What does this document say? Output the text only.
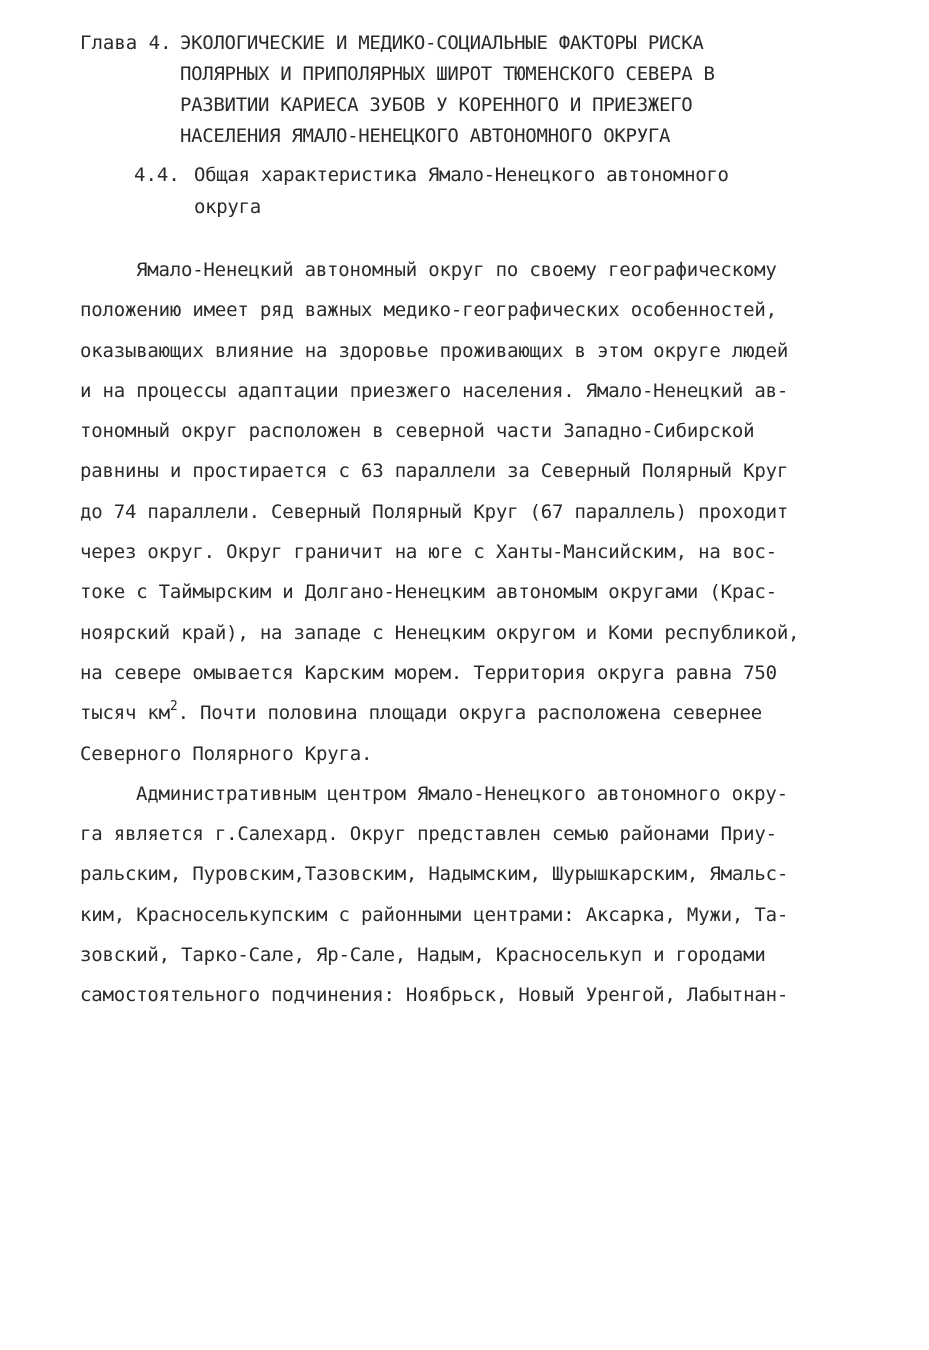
Глава 4. ЭКОЛОГИЧЕСКИЕ И МЕДИКО-СОЦИАЛЬНЫЕ ФАКТОРЫ РИСКА
ПОЛЯРНЫХ И ПРИПОЛЯРНЫХ ШИРОТ ТЮМЕНСКОГО СЕВЕРА В
РАЗВИТИИ КАРИЕСА ЗУБОВ У КОРЕННОГО И ПРИЕЗЖЕГО
НАСЕЛЕНИЯ ЯМАЛО-НЕНЕЦКОГО АВТОНОМНОГО ОКРУГА
4.4. Общая характеристика Ямало-Ненецкого автономного
округа
Ямало-Ненецкий автономный округ по своему географическому
положению имеет ряд важных медико-географических особенностей,
оказывающих влияние на здоровье проживающих в этом округе людей
и на процессы адаптации приезжего населения. Ямало-Ненецкий ав-
тономный округ расположен в северной части Западно-Сибирской
равнины и простирается с 63 параллели за Северный Полярный Круг
до 74 параллели. Северный Полярный Круг (67 параллель) проходит
через округ. Округ граничит на юге с Ханты-Мансийским, на вос-
токе с Таймырским и Долгано-Ненецким автономым округами (Крас-
ноярский край), на западе с Ненецким округом и Коми республикой,
на севере омывается Карским морем. Территория округа равна 750
тысяч $км^2$. Почти половина площади округа расположена севернее
Северного Полярного Круга.
Административным центром Ямало-Ненецкого автономного окру-
га является г.Салехард. Округ представлен семью районами Приу-
ральским, Пуровским,Тазовским, Надымским, Шурышкарским, Ямальс-
ким, Красноселькупским с районными центрами: Аксарка, Мужи, Та-
зовский, Тарко-Сале, Яр-Сале, Надым, Красноселькуп и городами
самостоятельного подчинения: Ноябрьск, Новый Уренгой, Лабытнан-
